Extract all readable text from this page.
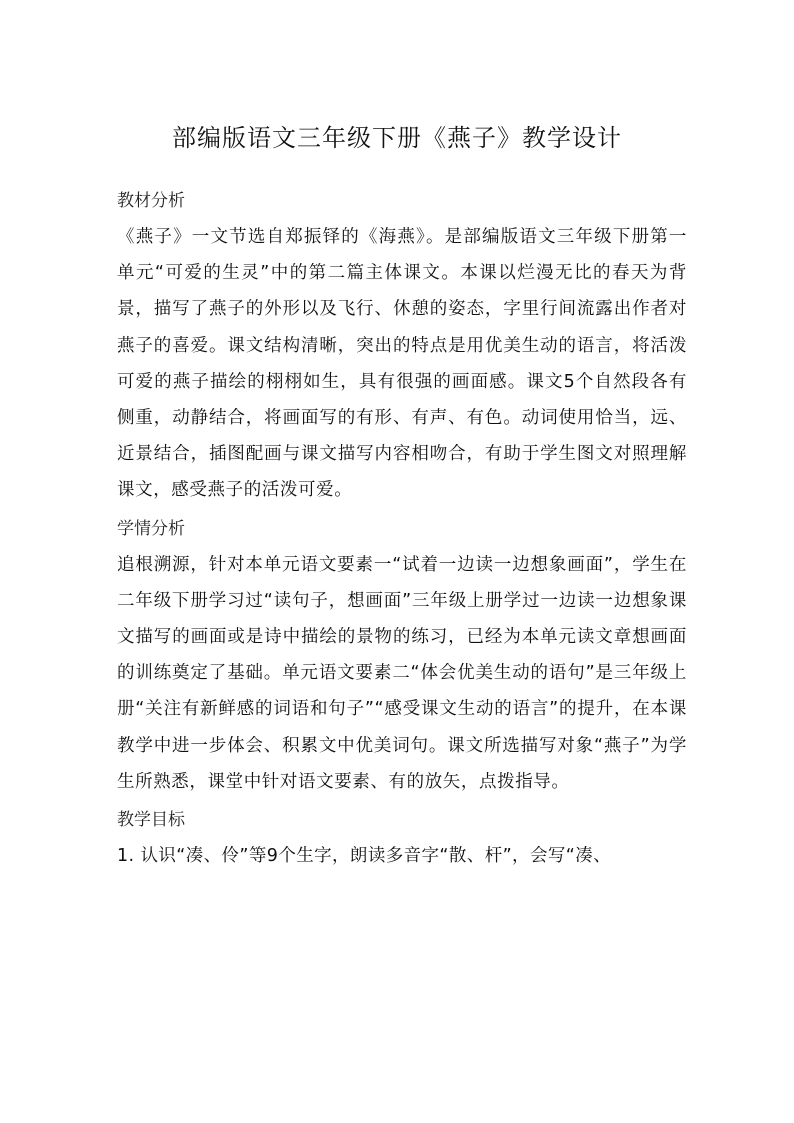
部编版语文三年级下册《燕子》教学设计
教材分析

《燕子》一文节选自郑振铎的《海燕》。是部编版语文三年级下册第一单元“可爱的生灵”中的第二篇主体课文。本课以烂漫无比的春天为背景，描写了燕子的外形以及飞行、休憩的姿态，字里行间流露出作者对燕子的喜爱。课文结构清晰，突出的特点是用优美生动的语言，将活泼可爱的燕子描绘的栩栩如生，具有很强的画面感。课文5个自然段各有侧重，动静结合，将画面写的有形、有声、有色。动词使用恰当，远、近景结合，插图配画与课文描写内容相吻合，有助于学生图文对照理解课文，感受燕子的活泼可爱。

学情分析

追根溯源，针对本单元语文要素一“试着一边读一边想象画面”，学生在二年级下册学习过“读句子，想画面”三年级上册学过一边读一边想象课文描写的画面或是诗中描绘的景物的练习，已经为本单元读文章想画面的训练奠定了基础。单元语文要素二“体会优美生动的语句”是三年级上册“关注有新鲜感的词语和句子”“感受课文生动的语言”的提升，在本课教学中进一步体会、积累文中优美词句。课文所选描写对象“燕子”为学生所熟悉，课堂中针对语文要素、有的放矢，点拨指导。

教学目标
1. 认识“凑、伶”等9个生字，朗读多音字“散、杆”，会写“凑、
